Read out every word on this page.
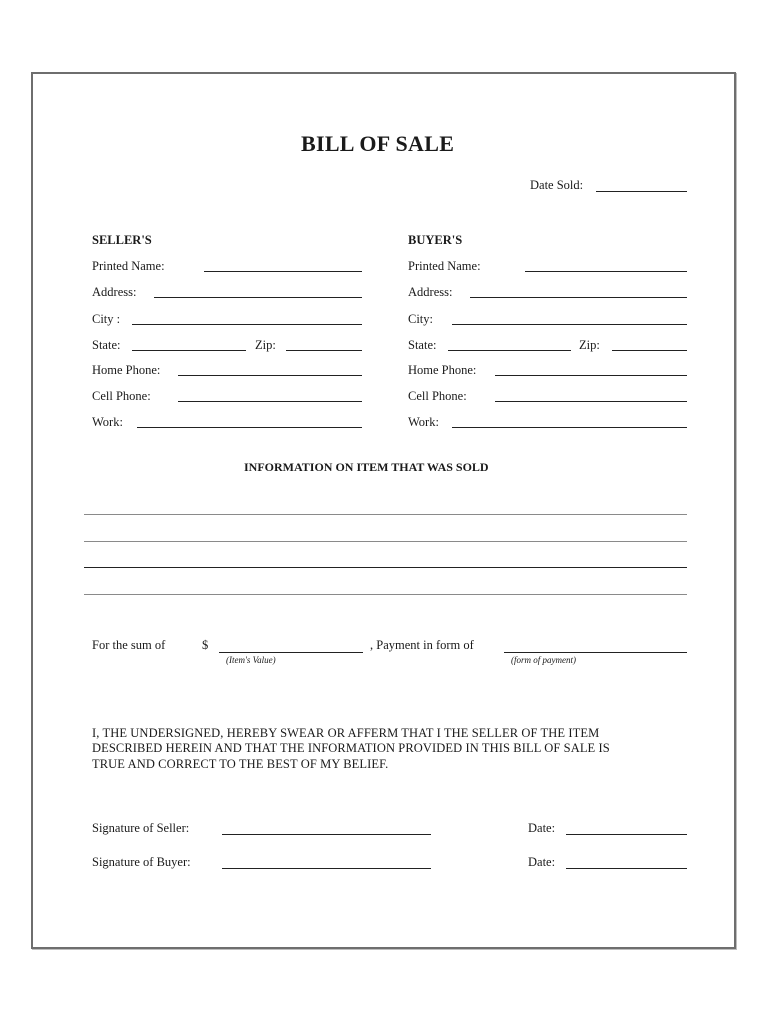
BILL OF SALE
Date Sold:
SELLER'S
Printed Name:
Address:
City :
State:	Zip:
Home Phone:
Cell Phone:
Work:
BUYER'S
Printed Name:
Address:
City:
State:	Zip:
Home Phone:
Cell Phone:
Work:
INFORMATION ON ITEM THAT WAS SOLD
For the sum of	$
(Item's Value)
, Payment in form of
(form of payment)
I, THE UNDERSIGNED, HEREBY SWEAR OR AFFERM THAT I THE SELLER OF THE ITEM
DESCRIBED HEREIN AND THAT THE INFORMATION PROVIDED IN THIS BILL OF SALE IS
TRUE AND CORRECT TO THE BEST OF MY BELIEF.
Signature of Seller:	Date:
Signature of Buyer:	Date:
